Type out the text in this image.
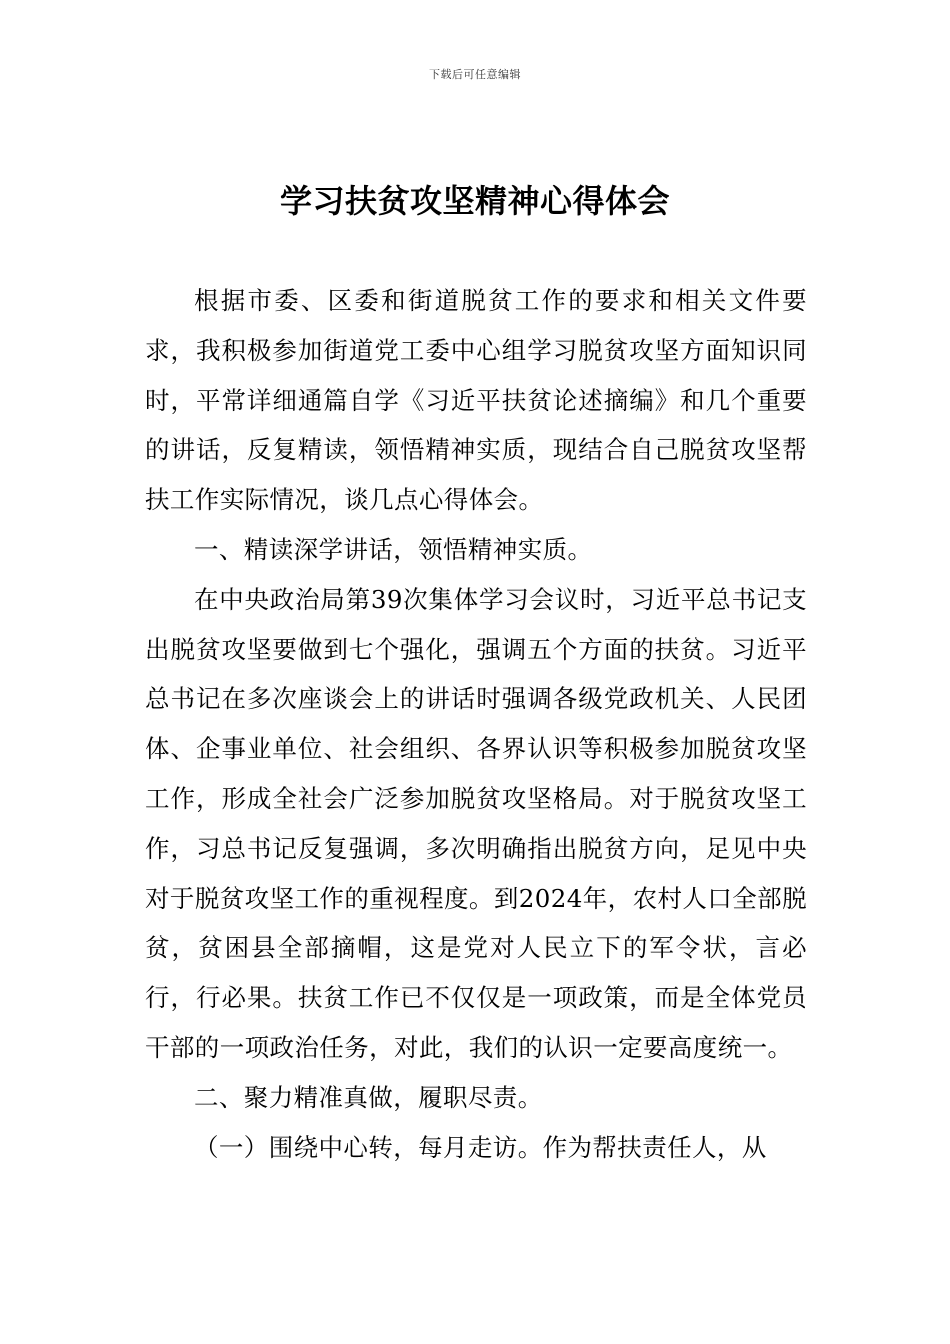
下载后可任意编辑
学习扶贫攻坚精神心得体会

根据市委、区委和街道脱贫工作的要求和相关文件要求，我积极参加街道党工委中心组学习脱贫攻坚方面知识同时，平常详细通篇自学《习近平扶贫论述摘编》和几个重要的讲话，反复精读，领悟精神实质，现结合自己脱贫攻坚帮扶工作实际情况，谈几点心得体会。

一、精读深学讲话，领悟精神实质。

在中央政治局第39次集体学习会议时，习近平总书记支出脱贫攻坚要做到七个强化，强调五个方面的扶贫。习近平总书记在多次座谈会上的讲话时强调各级党政机关、人民团体、企事业单位、社会组织、各界认识等积极参加脱贫攻坚工作，形成全社会广泛参加脱贫攻坚格局。对于脱贫攻坚工作，习总书记反复强调，多次明确指出脱贫方向，足见中央对于脱贫攻坚工作的重视程度。到2024年，农村人口全部脱贫，贫困县全部摘帽，这是党对人民立下的军令状，言必行，行必果。扶贫工作已不仅仅是一项政策，而是全体党员干部的一项政治任务，对此，我们的认识一定要高度统一。

二、聚力精准真做，履职尽责。

（一）围绕中心转，每月走访。作为帮扶责任人，从
